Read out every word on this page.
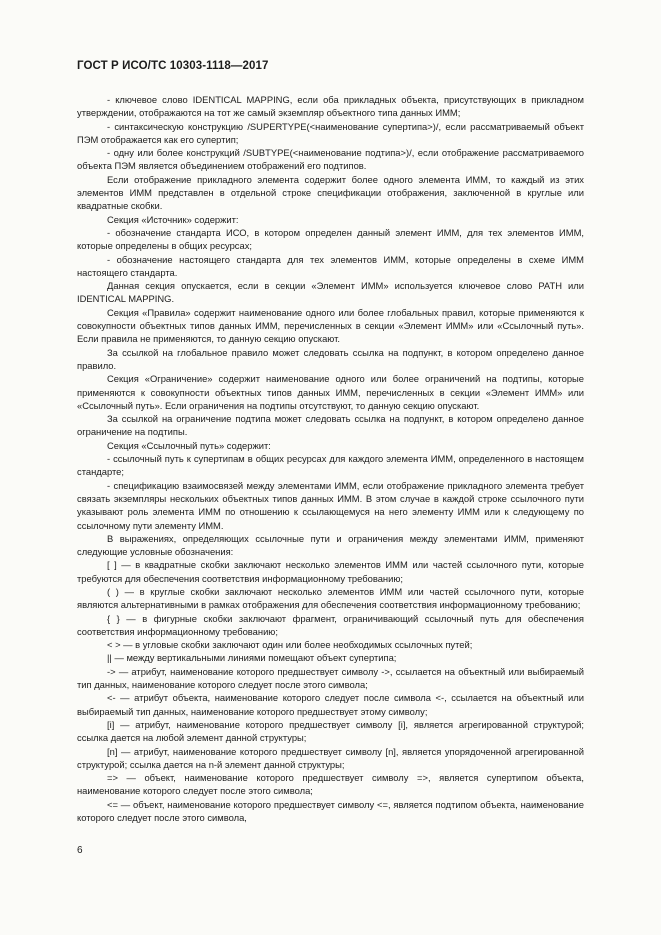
ГОСТ Р ИСО/ТС 10303-1118—2017

- ключевое слово IDENTICAL MAPPING, если оба прикладных объекта, присутствующих в прикладном утверждении, отображаются на тот же самый экземпляр объектного типа данных ИММ;

- синтаксическую конструкцию /SUPERTYPE(<наименование супертипа>)/, если рассматриваемый объект ПЭМ отображается как его супертип;

- одну или более конструкций /SUBTYPE(<наименование подтипа>)/, если отображение рассматриваемого объекта ПЭМ является объединением отображений его подтипов.

Если отображение прикладного элемента содержит более одного элемента ИММ, то каждый из этих элементов ИММ представлен в отдельной строке спецификации отображения, заключенной в круглые или квадратные скобки.

Секция «Источник» содержит:

- обозначение стандарта ИСО, в котором определен данный элемент ИММ, для тех элементов ИММ, которые определены в общих ресурсах;

- обозначение настоящего стандарта для тех элементов ИММ, которые определены в схеме ИММ настоящего стандарта.

Данная секция опускается, если в секции «Элемент ИММ» используется ключевое слово PATH или IDENTICAL MAPPING.

Секция «Правила» содержит наименование одного или более глобальных правил, которые применяются к совокупности объектных типов данных ИММ, перечисленных в секции «Элемент ИММ» или «Ссылочный путь». Если правила не применяются, то данную секцию опускают.

За ссылкой на глобальное правило может следовать ссылка на подпункт, в котором определено данное правило.

Секция «Ограничение» содержит наименование одного или более ограничений на подтипы, которые применяются к совокупности объектных типов данных ИММ, перечисленных в секции «Элемент ИММ» или «Ссылочный путь». Если ограничения на подтипы отсутствуют, то данную секцию опускают.

За ссылкой на ограничение подтипа может следовать ссылка на подпункт, в котором определено данное ограничение на подтипы.

Секция «Ссылочный путь» содержит:

- ссылочный путь к супертипам в общих ресурсах для каждого элемента ИММ, определенного в настоящем стандарте;

- спецификацию взаимосвязей между элементами ИММ, если отображение прикладного элемента требует связать экземпляры нескольких объектных типов данных ИММ. В этом случае в каждой строке ссылочного пути указывают роль элемента ИММ по отношению к ссылающемуся на него элементу ИММ или к следующему по ссылочному пути элементу ИММ.

В выражениях, определяющих ссылочные пути и ограничения между элементами ИММ, применяют следующие условные обозначения:

[ ] — в квадратные скобки заключают несколько элементов ИММ или частей ссылочного пути, которые требуются для обеспечения соответствия информационному требованию;

( ) — в круглые скобки заключают несколько элементов ИММ или частей ссылочного пути, которые являются альтернативными в рамках отображения для обеспечения соответствия информационному требованию;

{ } — в фигурные скобки заключают фрагмент, ограничивающий ссылочный путь для обеспечения соответствия информационному требованию;

< > — в угловые скобки заключают один или более необходимых ссылочных путей;

|| — между вертикальными линиями помещают объект супертипа;

-> — атрибут, наименование которого предшествует символу ->, ссылается на объектный или выбираемый тип данных, наименование которого следует после этого символа;

<- — атрибут объекта, наименование которого следует после символа <-, ссылается на объектный или выбираемый тип данных, наименование которого предшествует этому символу;

[i] — атрибут, наименование которого предшествует символу [i], является агрегированной структурой; ссылка дается на любой элемент данной структуры;

[n] — атрибут, наименование которого предшествует символу [n], является упорядоченной агрегированной структурой; ссылка дается на n-й элемент данной структуры;

=> — объект, наименование которого предшествует символу =>, является супертипом объекта, наименование которого следует после этого символа;

<= — объект, наименование которого предшествует символу <=, является подтипом объекта, наименование которого следует после этого символа,

6
